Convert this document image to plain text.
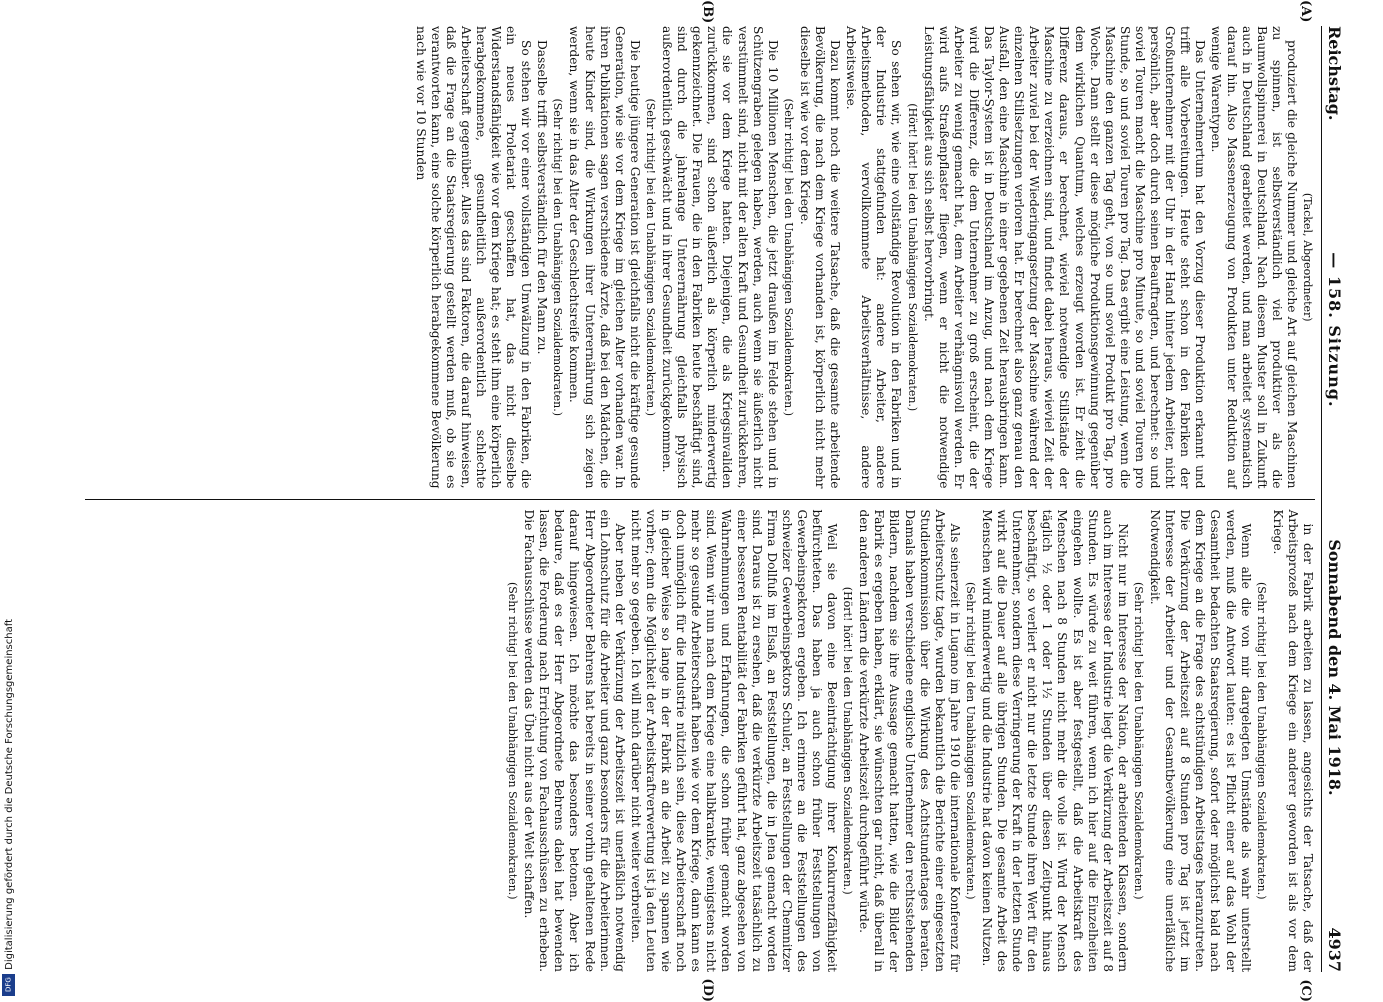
Digitalisierung gefördert durch die Deutsche Forschungsgemeinschaft
DFG
Reichstag.
— 158. Sitzung.
Sonnabend den 4. Mai 1918.
4937
(A)
(B)

(Tackel, Abgeordneter)

produziert die gleiche Nummer und gleiche Art auf gleichen Maschinen zu spinnen, ist selbstverständlich viel produktiver als die Baumwollspinnerei in Deutschland. Nach diesem Muster soll in Zukunft auch in Deutschland gearbeitet werden, und man arbeitet systematisch darauf hin. Also Massenerzeugung von Produkten unter Reduktion auf wenige Warentypen.

Das Unternehmertum hat den Vorzug dieser Produktion erkannt und trifft alle Vorbereitungen. Heute steht schon in den Fabriken der Großunternehmer mit der Uhr in der Hand hinter jedem Arbeiter, nicht persönlich, aber doch durch seinen Beauftragten, und berechnet: so und soviel Touren macht die Maschine pro Minute, so und soviel Touren pro Stunde, so und soviel Touren pro Tag. Das ergibt eine Leistung, wenn die Maschine den ganzen Tag geht, von so und soviel Produkt pro Tag, pro Woche. Dann stellt er diese mögliche Produktionsgewinnung gegenüber dem wirklichen Quantum, welches erzeugt worden ist. Er zieht die Differenz daraus, er berechnet, wieviel notwendige Stillstände der Maschine zu verzeichnen sind, und findet dabei heraus, wieviel Zeit der Arbeiter zuviel bei der Wiederingangsetzung der Maschine während der einzelnen Stillsetzungen verloren hat. Er berechnet also ganz genau den Ausfall, den eine Maschine in einer gegebenen Zeit herausbringen kann. Das Taylor-System ist in Deutschland im Anzug, und nach dem Kriege wird die Differenz, die dem Unternehmer zu groß erscheint, die der Arbeiter zu wenig gemacht hat, dem Arbeiter verhängnisvoll werden. Er wird aufs Straßenpflaster fliegen, wenn er nicht die notwendige Leistungsfähigkeit aus sich selbst hervorbringt.

(Hört! hört! bei den Unabhängigen Sozialdemokraten.)

So sehen wir, wie eine vollständige Revolution in den Fabriken und in der Industrie stattgefunden hat: andere Arbeiter, andere Arbeitsmethoden, vervollkommnete Arbeitsverhältnisse, andere Arbeitsweise.

Dazu kommt noch die weitere Tatsache, daß die gesamte arbeitende Bevölkerung, die nach dem Kriege vorhanden ist, körperlich nicht mehr dieselbe ist wie vor dem Kriege.

(Sehr richtig! bei den Unabhängigen Sozialdemokraten.)

Die 10 Millionen Menschen, die jetzt draußen im Felde stehen und in Schützengraben gelegen haben, werden, auch wenn sie äußerlich nicht verstümmelt sind, nicht mit der alten Kraft und Gesundheit zurückkehren, die sie vor dem Kriege hatten. Diejenigen, die als Kriegsinvaliden zurückkommen, sind schon äußerlich als körperlich minderwertig gekennzeichnet. Die Frauen, die in den Fabriken heute beschäftigt sind, sind durch die jahrelange Unterernährung gleichfalls physisch außerordentlich geschwächt und in ihrer Gesundheit zurückgekommen.

(Sehr richtig! bei den Unabhängigen Sozialdemokraten.)

Die heutige jüngere Generation ist gleichfalls nicht die kräftige gesunde Generation, wie sie vor dem Kriege im gleichen Alter vorhanden war. In ihren Publikationen sagen verschiedene Ärzte, daß bei den Mädchen, die heute Kinder sind, die Wirkungen ihrer Unterernährung sich zeigen werden, wenn sie in das Alter der Geschlechtsreife kommen.

(Sehr richtig! bei den Unabhängigen Sozialdemokraten.)

Dasselbe trifft selbstverständlich für den Mann zu.

So stehen wir vor einer vollständigen Umwälzung in den Fabriken, die ein neues Proletariat geschaffen hat, das nicht dieselbe Widerstandsfähigkeit wie vor dem Kriege hat; es steht ihm eine körperlich herabgekommene, gesundheitlich außerordentlich schlechte Arbeiterschaft gegenüber. Alles das sind Faktoren, die darauf hinweisen, daß die Frage an die Staatsregierung gestellt werden muß, ob sie es verantworten kann, eine solche körperlich herabgekommene Bevölkerung nach wie vor 10 Stunden

(C)
(D)

in der Fabrik arbeiten zu lassen, angesichts der Tatsache, daß der Arbeitsprozeß nach dem Kriege ein anderer geworden ist als vor dem Kriege.

(Sehr richtig! bei den Unabhängigen Sozialdemokraten.)

Wenn alle die von mir dargelegten Umstände als wahr unterstellt werden, muß die Antwort lauten: es ist Pflicht einer auf das Wohl der Gesamtheit bedachten Staatsregierung, sofort oder möglichst bald nach dem Kriege an die Frage des achtstündigen Arbeitstages heranzutreten. Die Verkürzung der Arbeitszeit auf 8 Stunden pro Tag ist jetzt im Interesse der Arbeiter und der Gesamtbevölkerung eine unerläßliche Notwendigkeit.

(Sehr richtig! bei den Unabhängigen Sozialdemokraten.)

Nicht nur im Interesse der Nation, der arbeitenden Klassen, sondern auch im Interesse der Industrie liegt die Verkürzung der Arbeitszeit auf 8 Stunden. Es würde zu weit führen, wenn ich hier auf die Einzelheiten eingehen wollte. Es ist aber festgestellt, daß die Arbeitskraft des Menschen nach 8 Stunden nicht mehr die volle ist. Wird der Mensch täglich ½ oder 1 oder 1½ Stunden über diesen Zeitpunkt hinaus beschäftigt, so verliert er nicht nur die letzte Stunde ihren Wert für den Unternehmer, sondern diese Verringerung der Kraft in der letzten Stunde wirkt auf die Dauer auf alle übrigen Stunden. Die gesamte Arbeit des Menschen wird minderwertig und die Industrie hat davon keinen Nutzen.

(Sehr richtig! bei den Unabhängigen Sozialdemokraten.)

Als seinerzeit in Lugano im Jahre 1910 die internationale Konferenz für Arbeiterschutz tagte, wurden bekanntlich die Berichte einer eingesetzten Studienkommission über die Wirkung des Achtstundentages beraten. Damals haben verschiedene englische Unternehmer den rechtsstehenden Bildern, nachdem sie ihre Aussage gemacht hatten, wie die Bilder der Fabrik es ergeben haben, erklärt, sie wünschten gar nicht, daß überall in den anderen Ländern die verkürzte Arbeitszeit durchgeführt würde.

(Hört! hört! bei den Unabhängigen Sozialdemokraten.)

Weil sie davon eine Beeinträchtigung ihrer Konkurrenzfähigkeit befürchteten. Das haben ja auch schon früher Feststellungen von Gewerbeinspektoren ergeben. Ich erinnere an die Feststellungen des schweizer Gewerbeinspektors Schuler, an Feststellungen der Chemnitzer Firma Dollfuß im Elsaß, an Feststellungen, die in Jena gemacht worden sind. Daraus ist zu ersehen, daß die verkürzte Arbeitszeit tatsächlich zu einer besseren Rentabilität der Fabriken geführt hat, ganz abgesehen von Wahrnehmungen und Erfahrungen, die schon früher gemacht worden sind. Wenn wir nun nach dem Kriege eine halbkrankte, wenigstens nicht mehr so gesunde Arbeiterschaft haben wie vor dem Kriege, dann kann es doch unmöglich für die Industrie nützlich sein, diese Arbeiterschaft noch in gleicher Weise so lange in der Fabrik an die Arbeit zu spannen wie vorher; denn die Möglichkeit der Arbeitskraftverwertung ist ja den Leuten nicht mehr so gegeben. Ich will mich darüber nicht weiter verbreiten.

Aber neben der Verkürzung der Arbeitszeit ist unerläßlich notwendig ein Lohnschutz für die Arbeiter und ganz besonders für die Arbeiterinnen. Herr Abgeordneter Behrens hat bereits in seiner vorhin gehaltenen Rede darauf hingewiesen. Ich möchte das besonders betonen. Aber ich bedaure, daß es der Herr Abgeordnete Behrens dabei hat bewenden lassen, die Forderung nach Errichtung von Fachausschüssen zu erheben. Die Fachausschüsse werden das Übel nicht aus der Welt schaffen.

(Sehr richtig! bei den Unabhängigen Sozialdemokraten.)
